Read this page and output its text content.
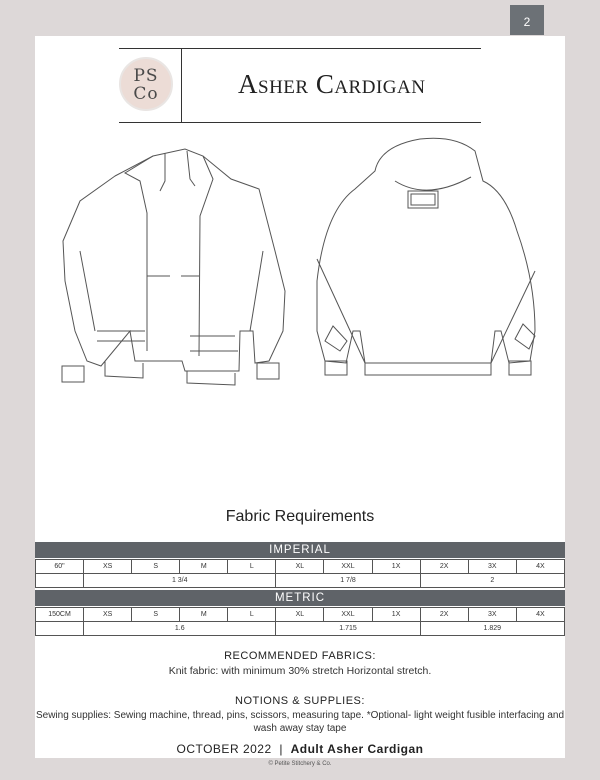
2
PS
Co	Asher Cardigan
Fabric Requirements
IMPERIAL
60"	XS	S	M	L	XL	XXL	1X	2X	3X	4X
	1 3/4				1 7/8			2		
METRIC
150CM	XS	S	M	L	XL	XXL	1X	2X	3X	4X
	1.6				1.715			1.829		
RECOMMENDED FABRICS:
Knit fabric: with minimum 30% stretch Horizontal stretch.
NOTIONS & SUPPLIES:
Sewing supplies: Sewing machine, thread, pins, scissors, measuring tape. *Optional- light weight fusible interfacing and wash away stay tape
OCTOBER 2022 | Adult Asher Cardigan
© Petite Stitchery & Co.
